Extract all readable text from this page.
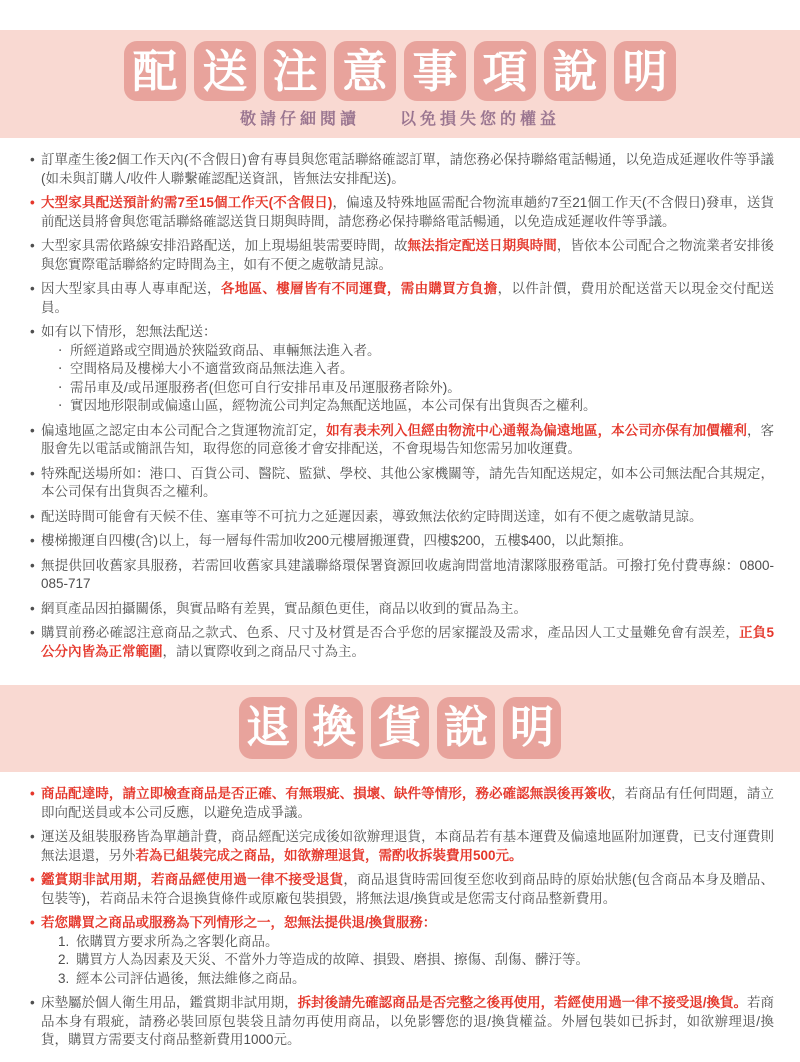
配 送 注 意 事 項 說 明
敬請仔細閱讀　　以免損失您的權益
• 訂單產生後2個工作天內(不含假日)會有專員與您電話聯絡確認訂單，請您務必保持聯絡電話暢通，以免造成延遲收件等爭議(如未與訂購人/收件人聯繫確認配送資訊，皆無法安排配送)。
• 大型家具配送預計約需7至15個工作天(不含假日)，偏遠及特殊地區需配合物流車趟約7至21個工作天(不含假日)發車，送貨前配送員將會與您電話聯絡確認送貨日期與時間，請您務必保持聯絡電話暢通，以免造成延遲收件等爭議。
• 大型家具需依路線安排沿路配送，加上現場組裝需要時間，故無法指定配送日期與時間，皆依本公司配合之物流業者安排後與您實際電話聯絡約定時間為主，如有不便之處敬請見諒。
• 因大型家具由專人專車配送，各地區、樓層皆有不同運費，需由購買方負擔，以件計價，費用於配送當天以現金交付配送員。
• 如有以下情形，恕無法配送：
‧ 所經道路或空間過於狹隘致商品、車輛無法進入者。
‧ 空間格局及樓梯大小不適當致商品無法進入者。
‧ 需吊車及/或吊運服務者(但您可自行安排吊車及吊運服務者除外)。
‧ 實因地形限制或偏遠山區，經物流公司判定為無配送地區，本公司保有出貨與否之權利。
• 偏遠地區之認定由本公司配合之貨運物流訂定，如有表未列入但經由物流中心通報為偏遠地區，本公司亦保有加價權利，客服會先以電話或簡訊告知，取得您的同意後才會安排配送，不會現場告知您需另加收運費。
• 特殊配送場所如：港口、百貨公司、醫院、監獄、學校、其他公家機關等，請先告知配送規定，如本公司無法配合其規定，本公司保有出貨與否之權利。
• 配送時間可能會有天候不佳、塞車等不可抗力之延遲因素，導致無法依約定時間送達，如有不便之處敬請見諒。
• 樓梯搬運自四樓(含)以上，每一層每件需加收200元樓層搬運費，四樓$200，五樓$400，以此類推。
• 無提供回收舊家具服務，若需回收舊家具建議聯絡環保署資源回收處詢問當地清潔隊服務電話。可撥打免付費專線：0800-085-717
• 網頁產品因拍攝關係，與實品略有差異，實品顏色更佳，商品以收到的實品為主。
• 購買前務必確認注意商品之款式、色系、尺寸及材質是否合乎您的居家擺設及需求，產品因人工丈量難免會有誤差，正負5公分內皆為正常範圍，請以實際收到之商品尺寸為主。
退 換 貨 說 明
• 商品配達時，請立即檢查商品是否正確、有無瑕疵、損壞、缺件等情形，務必確認無誤後再簽收，若商品有任何問題，請立即向配送員或本公司反應，以避免造成爭議。
• 運送及組裝服務皆為單趟計費，商品經配送完成後如欲辦理退貨，本商品若有基本運費及偏遠地區附加運費，已支付運費則無法退還，另外若為已組裝完成之商品，如欲辦理退貨，需酌收拆裝費用500元。
• 鑑賞期非試用期，若商品經使用過一律不接受退貨，商品退貨時需回復至您收到商品時的原始狀態(包含商品本身及贈品、包裝等)，若商品未符合退換貨條件或原廠包裝損毀，將無法退/換貨或是您需支付商品整新費用。
• 若您購買之商品或服務為下列情形之一，恕無法提供退/換貨服務：
1. 依購買方要求所為之客製化商品。
2. 購買方人為因素及天災、不當外力等造成的故障、損毀、磨損、擦傷、刮傷、髒汙等。
3. 經本公司評估過後，無法維修之商品。
• 床墊屬於個人衛生用品，鑑賞期非試用期，拆封後請先確認商品是否完整之後再使用，若經使用過一律不接受退/換貨。若商品本身有瑕疵，請務必裝回原包裝袋且請勿再使用商品，以免影響您的退/換貨權益。外層包裝如已拆封，如欲辦理退/換貨，購買方需要支付商品整新費用1000元。
